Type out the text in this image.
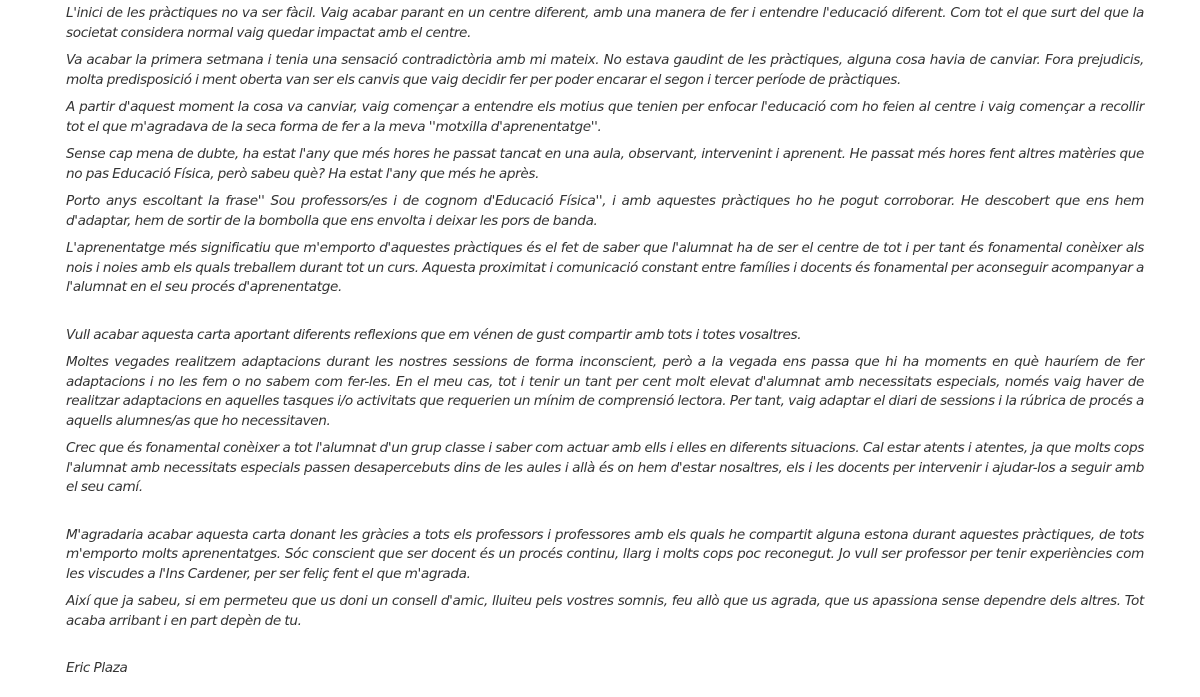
L'inici de les pràctiques no va ser fàcil. Vaig acabar parant en un centre diferent, amb una manera de fer i entendre l'educació diferent. Com tot el que surt del que la societat considera normal vaig quedar impactat amb el centre.

Va acabar la primera setmana i tenia una sensació contradictòria amb mi mateix. No estava gaudint de les pràctiques, alguna cosa havia de canviar. Fora prejudicis, molta predisposició i ment oberta van ser els canvis que vaig decidir fer per poder encarar el segon i tercer període de pràctiques.

A partir d'aquest moment la cosa va canviar, vaig començar a entendre els motius que tenien per enfocar l'educació com ho feien al centre i vaig començar a recollir tot el que m'agradava de la seca forma de fer a la meva ''motxilla d'aprenentatge''.

Sense cap mena de dubte, ha estat l'any que més hores he passat tancat en una aula, observant, intervenint i aprenent. He passat més hores fent altres matèries que no pas Educació Física, però sabeu què? Ha estat l'any que més he après.

Porto anys escoltant la frase'' Sou professors/es i de cognom d'Educació Física'', i amb aquestes pràctiques ho he pogut corroborar. He descobert que ens hem d'adaptar, hem de sortir de la bombolla que ens envolta i deixar les pors de banda.

L'aprenentatge més significatiu que m'emporto d'aquestes pràctiques és el fet de saber que l'alumnat ha de ser el centre de tot i per tant és fonamental conèixer als nois i noies amb els quals treballem durant tot un curs. Aquesta proximitat i comunicació constant entre famílies i docents és fonamental per aconseguir acompanyar a l'alumnat en el seu procés d'aprenentatge.

Vull acabar aquesta carta aportant diferents reflexions que em vénen de gust compartir amb tots i totes vosaltres.

Moltes vegades realitzem adaptacions durant les nostres sessions de forma inconscient, però a la vegada ens passa que hi ha moments en què hauríem de fer adaptacions i no les fem o no sabem com fer-les. En el meu cas, tot i tenir un tant per cent molt elevat d'alumnat amb necessitats especials, només vaig haver de realitzar adaptacions en aquelles tasques i/o activitats que requerien un mínim de comprensió lectora. Per tant, vaig adaptar el diari de sessions i la rúbrica de procés a aquells alumnes/as que ho necessitaven.

Crec que és fonamental conèixer a tot l'alumnat d'un grup classe i saber com actuar amb ells i elles en diferents situacions. Cal estar atents i atentes, ja que molts cops l'alumnat amb necessitats especials passen desapercebuts dins de les aules i allà és on hem d'estar nosaltres, els i les docents per intervenir i ajudar-los a seguir amb el seu camí.

M'agradaria acabar aquesta carta donant les gràcies a tots els professors i professores amb els quals he compartit alguna estona durant aquestes pràctiques, de tots m'emporto molts aprenentatges. Sóc conscient que ser docent és un procés continu, llarg i molts cops poc reconegut. Jo vull ser professor per tenir experiències com les viscudes a l'Ins Cardener, per ser feliç fent el que m'agrada.

Així que ja sabeu, si em permeteu que us doni un consell d'amic, lluiteu pels vostres somnis, feu allò que us agrada, que us apassiona sense dependre dels altres. Tot acaba arribant i en part depèn de tu.

Eric Plaza
